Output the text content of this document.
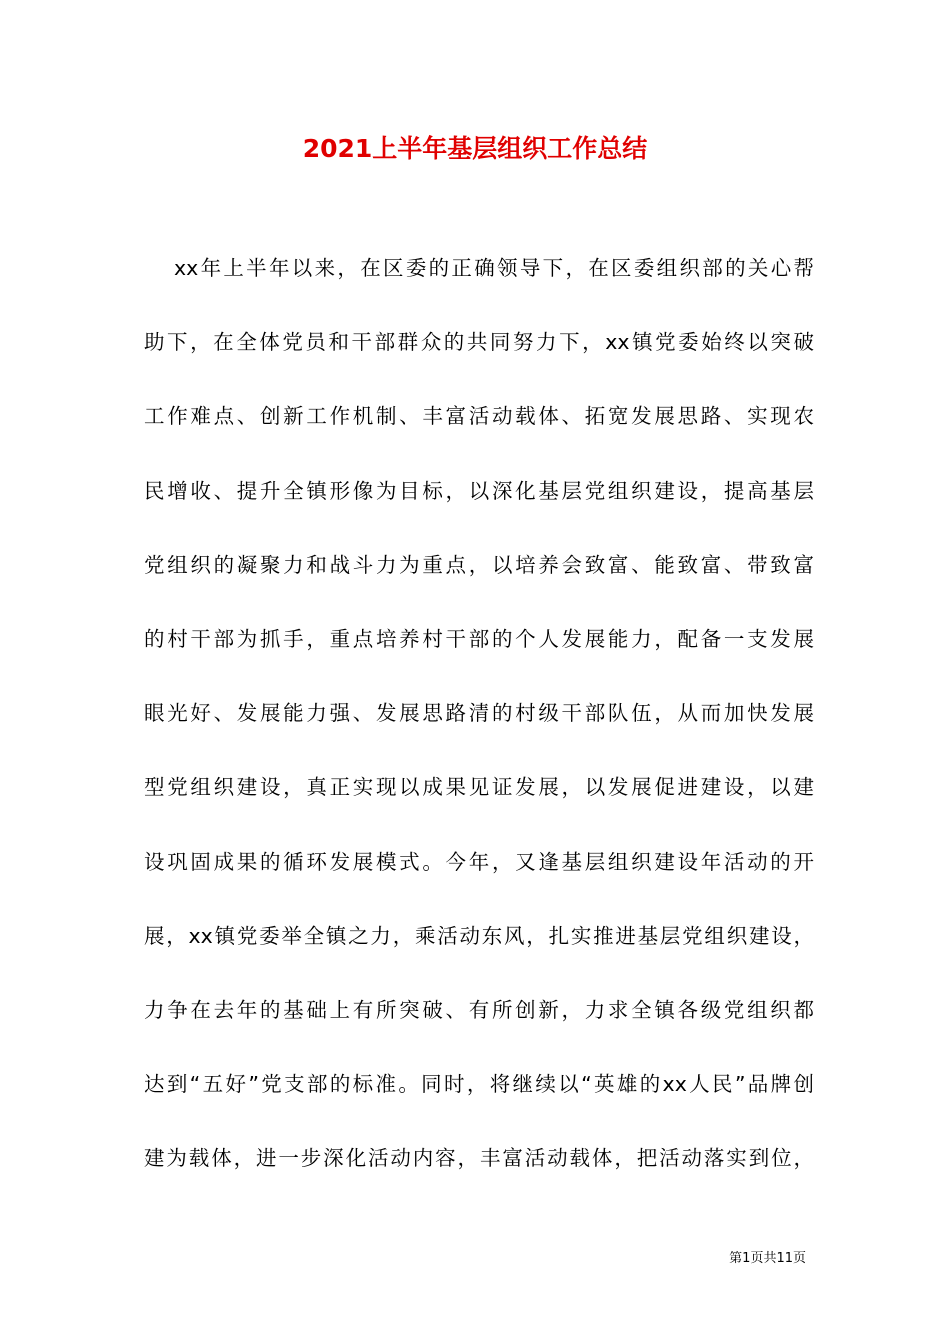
2021上半年基层组织工作总结
xx年上半年以来，在区委的正确领导下，在区委组织部的关心帮
助下，在全体党员和干部群众的共同努力下，xx镇党委始终以突破
工作难点、创新工作机制、丰富活动载体、拓宽发展思路、实现农
民增收、提升全镇形像为目标，以深化基层党组织建设，提高基层
党组织的凝聚力和战斗力为重点，以培养会致富、能致富、带致富
的村干部为抓手，重点培养村干部的个人发展能力，配备一支发展
眼光好、发展能力强、发展思路清的村级干部队伍，从而加快发展
型党组织建设，真正实现以成果见证发展，以发展促进建设，以建
设巩固成果的循环发展模式。今年，又逢基层组织建设年活动的开
展，xx镇党委举全镇之力，乘活动东风，扎实推进基层党组织建设，
力争在去年的基础上有所突破、有所创新，力求全镇各级党组织都
达到“五好”党支部的标准。同时，将继续以“英雄的xx人民”品牌创
建为载体，进一步深化活动内容，丰富活动载体，把活动落实到位，
第1页共11页
